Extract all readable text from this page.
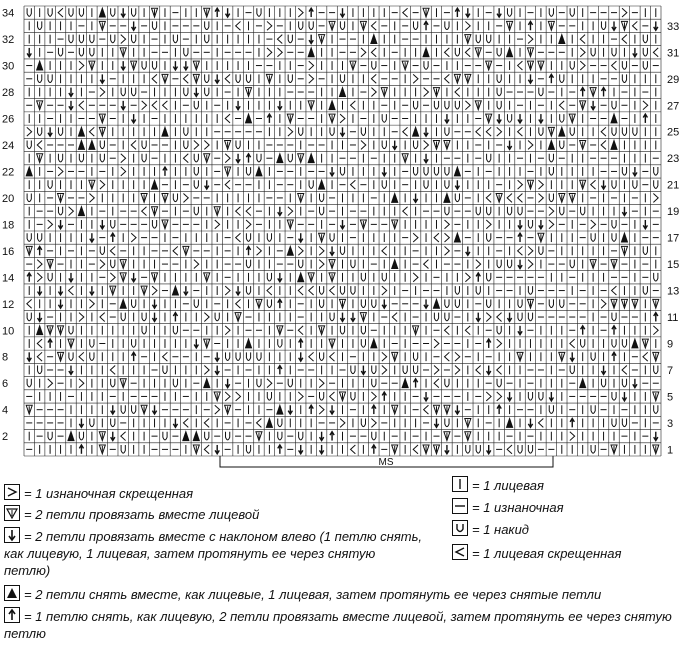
2
4
6
8
10
12
14
16
18
20
22
24
26
28
30
32
34
1
3
5
7
9
11
13
15
17
19
21
23
25
27
29
31
33
MS
= 1 изнаночная скрещенная
= 2 петли провязать вместе лицевой
= 2 петли провязать вместе с наклоном влево (1 петлю снять, как лицевую, 1 лицевая, затем протянуть ее через снятую петлю)
= 2 петли снять вместе, как лицевые, 1 лицевая, затем протянуть ее через снятые петли
= 1 петлю снять, как лицевую, 2 петли провязать вместе лицевой, затем протянуть ее через снятую петлю
= 1 лицевая
= 1 изнаночная
= 1 накид
= 1 лицевая скрещенная
